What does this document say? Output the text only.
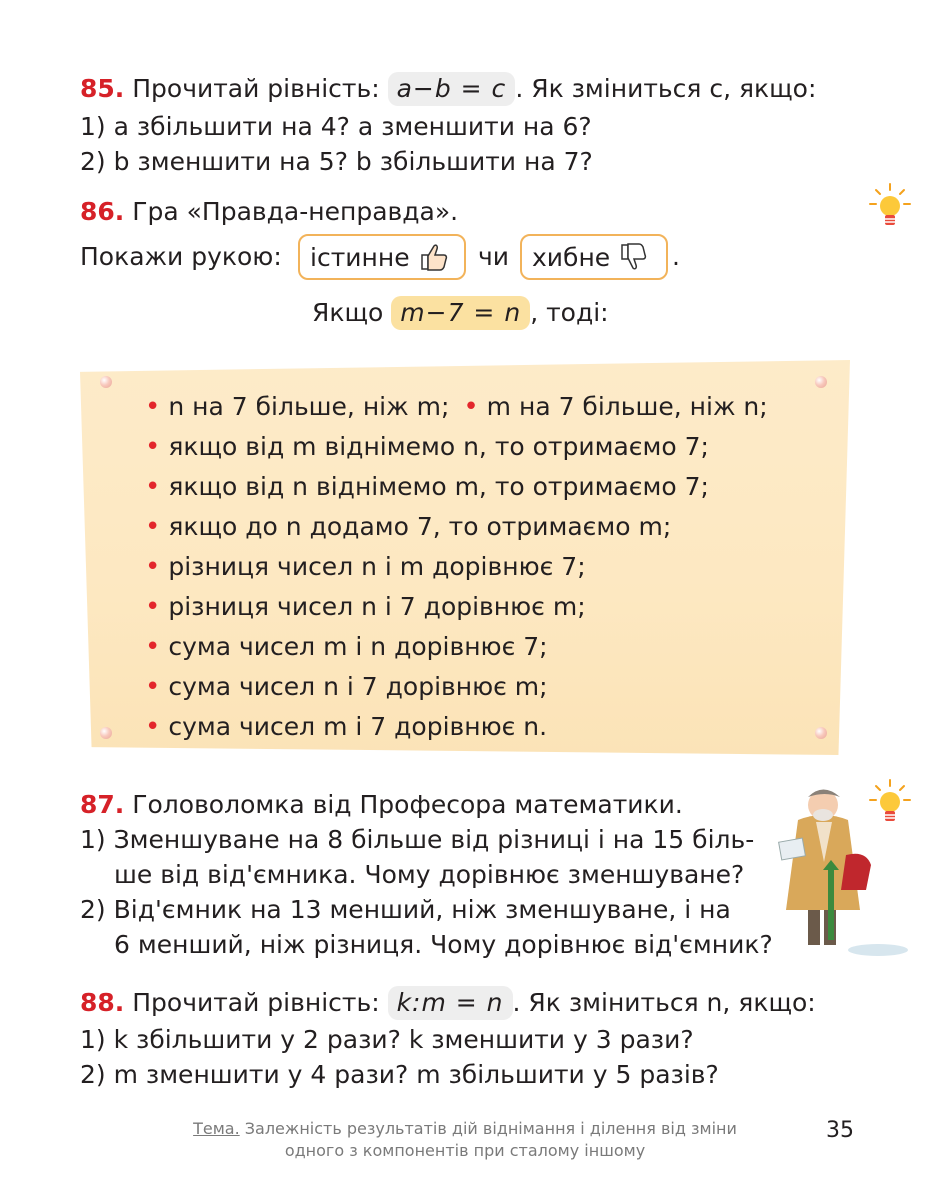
85. Прочитай рівність: a−b = c . Як зміниться c, якщо:
1) a збільшити на 4? a зменшити на 6?
2) b зменшити на 5? b збільшити на 7?
86. Гра «Правда-неправда».
Покажи рукою: істинне	чи хибне .
Якщо m−7 = n , тоді:
• n на 7 більше, ніж m; • m на 7 більше, ніж n;
• якщо від m віднімемо n, то отримаємо 7;
• якщо від n віднімемо m, то отримаємо 7;
• якщо до n додамо 7, то отримаємо m;
• різниця чисел n і m дорівнює 7;
• різниця чисел n і 7 дорівнює m;
• сума чисел m і n дорівнює 7;
• сума чисел n і 7 дорівнює m;
• сума чисел m і 7 дорівнює n.
87. Головоломка від Професора математики.
1) Зменшуване на 8 більше від різниці і на 15 біль-
ше від від'ємника. Чому дорівнює зменшуване?
2) Від'ємник на 13 менший, ніж зменшуване, і на
6 менший, ніж різниця. Чому дорівнює від'ємник?
88. Прочитай рівність: k:m = n . Як зміниться n, якщо:
1) k збільшити у 2 рази? k зменшити у 3 рази?
2) m зменшити у 4 рази? m збільшити у 5 разів?
Тема. Залежність результатів дій віднімання і ділення від зміни
одного з компонентів при сталому іншому
35
